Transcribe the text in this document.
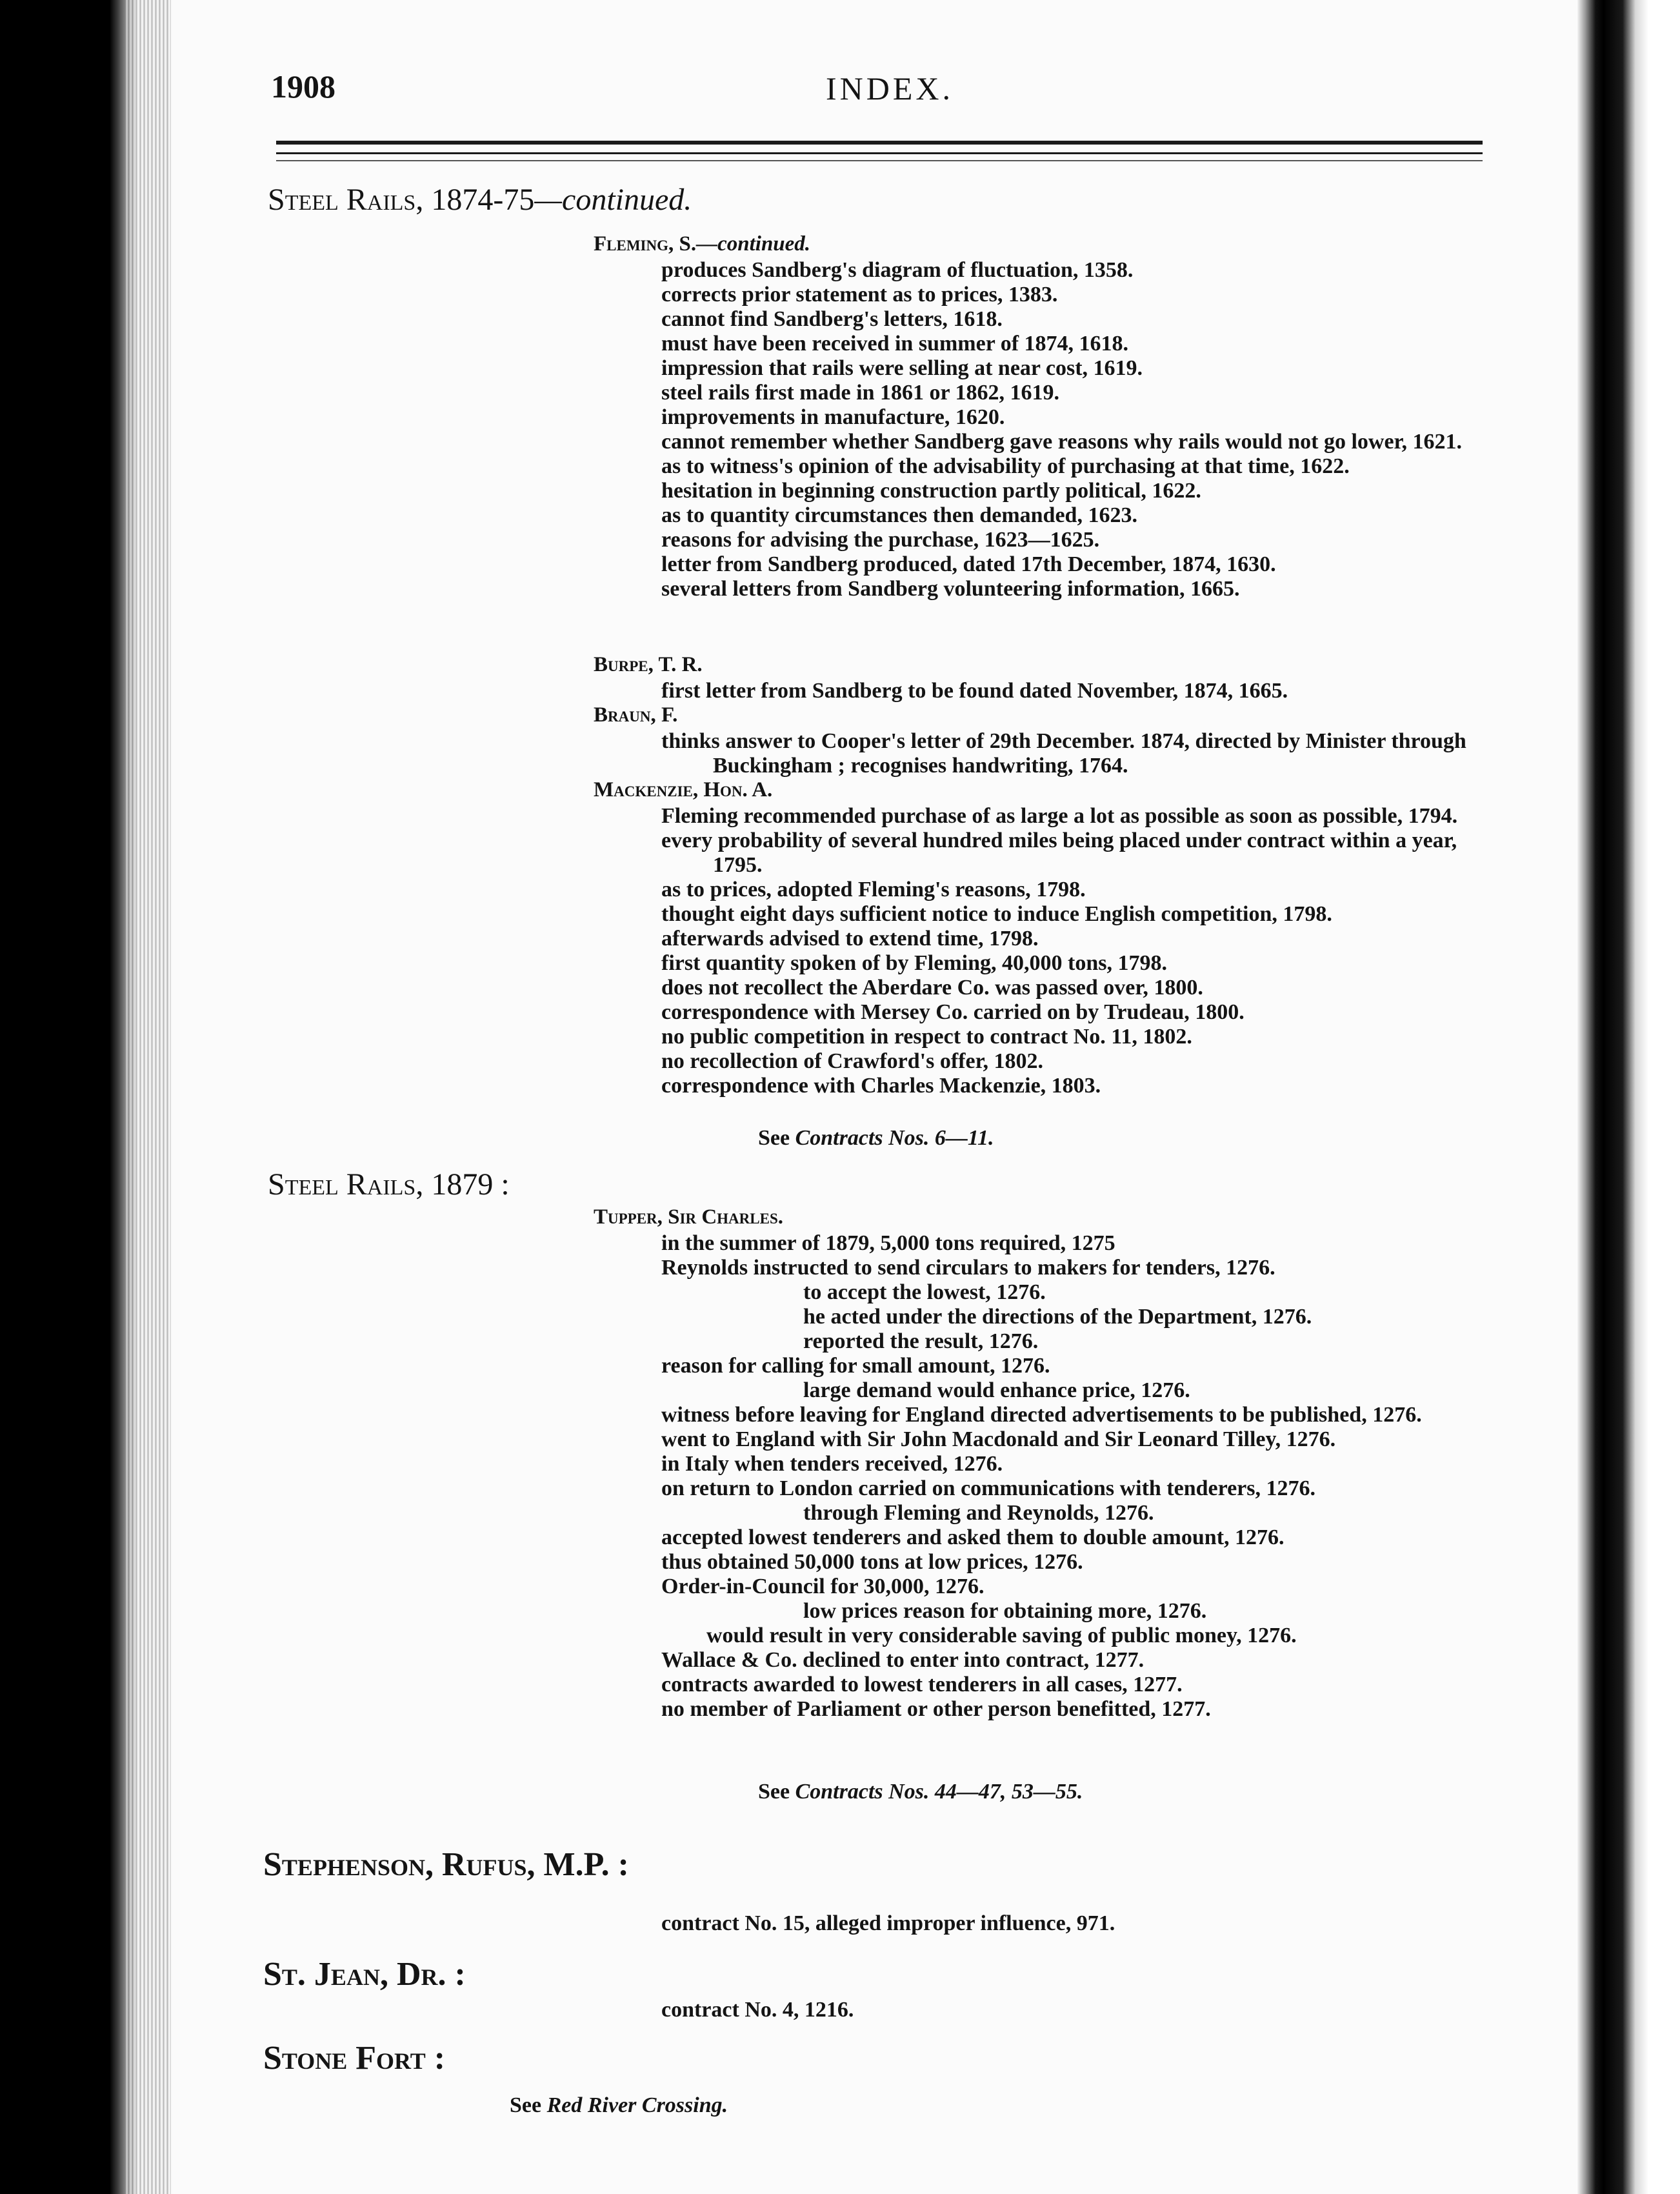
1908	INDEX.
Steel Rails, 1874-75—continued.
Fleming, S.—continued.
produces Sandberg's diagram of fluctuation, 1358.
corrects prior statement as to prices, 1383.
cannot find Sandberg's letters, 1618.
must have been received in summer of 1874, 1618.
impression that rails were selling at near cost, 1619.
steel rails first made in 1861 or 1862, 1619.
improvements in manufacture, 1620.
cannot remember whether Sandberg gave reasons why rails would not go lower, 1621.
as to witness's opinion of the advisability of purchasing at that time, 1622.
hesitation in beginning construction partly political, 1622.
as to quantity circumstances then demanded, 1623.
reasons for advising the purchase, 1623—1625.
letter from Sandberg produced, dated 17th December, 1874, 1630.
several letters from Sandberg volunteering information, 1665.
Burpe, T. R.
first letter from Sandberg to be found dated November, 1874, 1665.
Braun, F.
thinks answer to Cooper's letter of 29th December. 1874, directed by Minister through Buckingham ; recognises handwriting, 1764.
Mackenzie, Hon. A.
Fleming recommended purchase of as large a lot as possible as soon as possible, 1794.
every probability of several hundred miles being placed under contract within a year, 1795.
as to prices, adopted Fleming's reasons, 1798.
thought eight days sufficient notice to induce English competition, 1798.
afterwards advised to extend time, 1798.
first quantity spoken of by Fleming, 40,000 tons, 1798.
does not recollect the Aberdare Co. was passed over, 1800.
correspondence with Mersey Co. carried on by Trudeau, 1800.
no public competition in respect to contract No. 11, 1802.
no recollection of Crawford's offer, 1802.
correspondence with Charles Mackenzie, 1803.
See Contracts Nos. 6—11.
Steel Rails, 1879 :
Tupper, Sir Charles.
in the summer of 1879, 5,000 tons required, 1275
Reynolds instructed to send circulars to makers for tenders, 1276.
to accept the lowest, 1276.
he acted under the directions of the Department, 1276.
reported the result, 1276.
reason for calling for small amount, 1276.
large demand would enhance price, 1276.
witness before leaving for England directed advertisements to be published, 1276.
went to England with Sir John Macdonald and Sir Leonard Tilley, 1276.
in Italy when tenders received, 1276.
on return to London carried on communications with tenderers, 1276.
through Fleming and Reynolds, 1276.
accepted lowest tenderers and asked them to double amount, 1276.
thus obtained 50,000 tons at low prices, 1276.
Order-in-Council for 30,000, 1276.
low prices reason for obtaining more, 1276.
would result in very considerable saving of public money, 1276.
Wallace & Co. declined to enter into contract, 1277.
contracts awarded to lowest tenderers in all cases, 1277.
no member of Parliament or other person benefitted, 1277.
See Contracts Nos. 44—47, 53—55.
Stephenson, Rufus, M.P. :
contract No. 15, alleged improper influence, 971.
St. Jean, Dr. :
contract No. 4, 1216.
Stone Fort :
See Red River Crossing.
